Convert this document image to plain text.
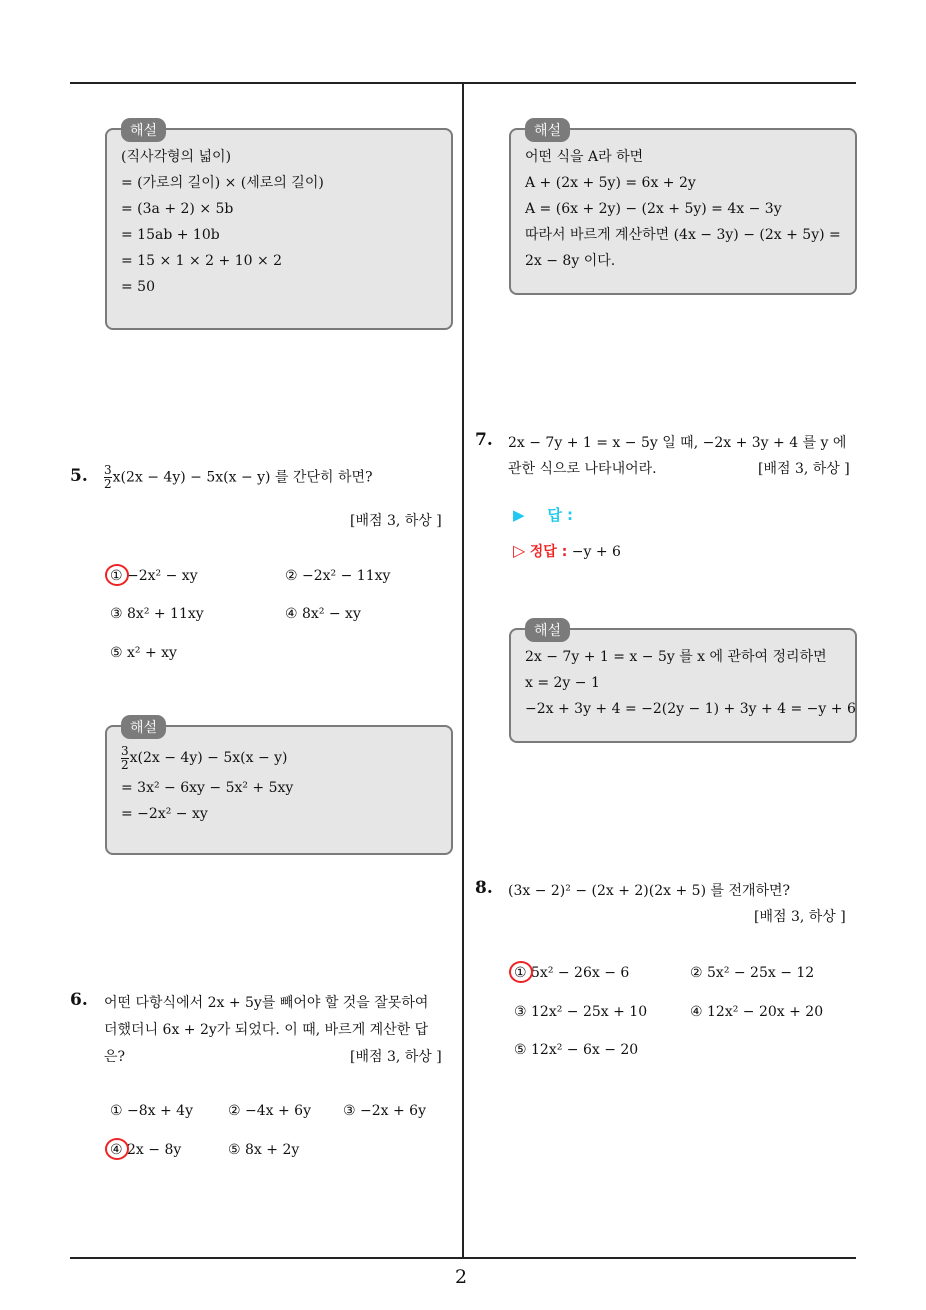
2
해설
(직사각형의 넓이)
= (가로의 길이) × (세로의 길이)
= (3a + 2) × 5b
= 15ab + 10b
= 15 × 1 × 2 + 10 × 2
= 50
5. $\frac{3}{2} x(2x - 4y) - 5x(x - y)$ 를 간단히 하면?
[배점 3, 하상 ]
① −2x² − xy	② −2x² − 11xy
③ 8x² + 11xy	④ 8x² − xy
⑤ x² + xy
해설
$\frac{3}{2} x(2x - 4y) - 5x(x - y)$
= 3x² − 6xy − 5x² + 5xy
= −2x² − xy
6. 어떤 다항식에서 2x + 5y를 빼어야 할 것을 잘못하여
더했더니 6x + 2y가 되었다. 이 때, 바르게 계산한 답
은?	[배점 3, 하상 ]
① −8x + 4y	② −4x + 6y ③ −2x + 6y
④ 2x − 8y	⑤ 8x + 2y
해설
어떤 식을 A라 하면
A + (2x + 5y) = 6x + 2y
A = (6x + 2y) − (2x + 5y) = 4x − 3y
따라서 바르게 계산하면 (4x − 3y) − (2x + 5y) =
2x − 8y 이다.
7. 2x − 7y + 1 = x − 5y 일 때, −2x + 3y + 4 를 y 에
관한 식으로 나타내어라.	[배점 3, 하상 ]
▶ 답 :
▷ 정답 : −y + 6
해설
2x − 7y + 1 = x − 5y 를 x 에 관하여 정리하면
x = 2y − 1
−2x + 3y + 4 = −2(2y − 1) + 3y + 4 = −y + 6
8. (3x − 2)² − (2x + 2)(2x + 5) 를 전개하면?
[배점 3, 하상 ]
① 5x² − 26x − 6	② 5x² − 25x − 12
③ 12x² − 25x + 10	④ 12x² − 20x + 20
⑤ 12x² − 6x − 20
